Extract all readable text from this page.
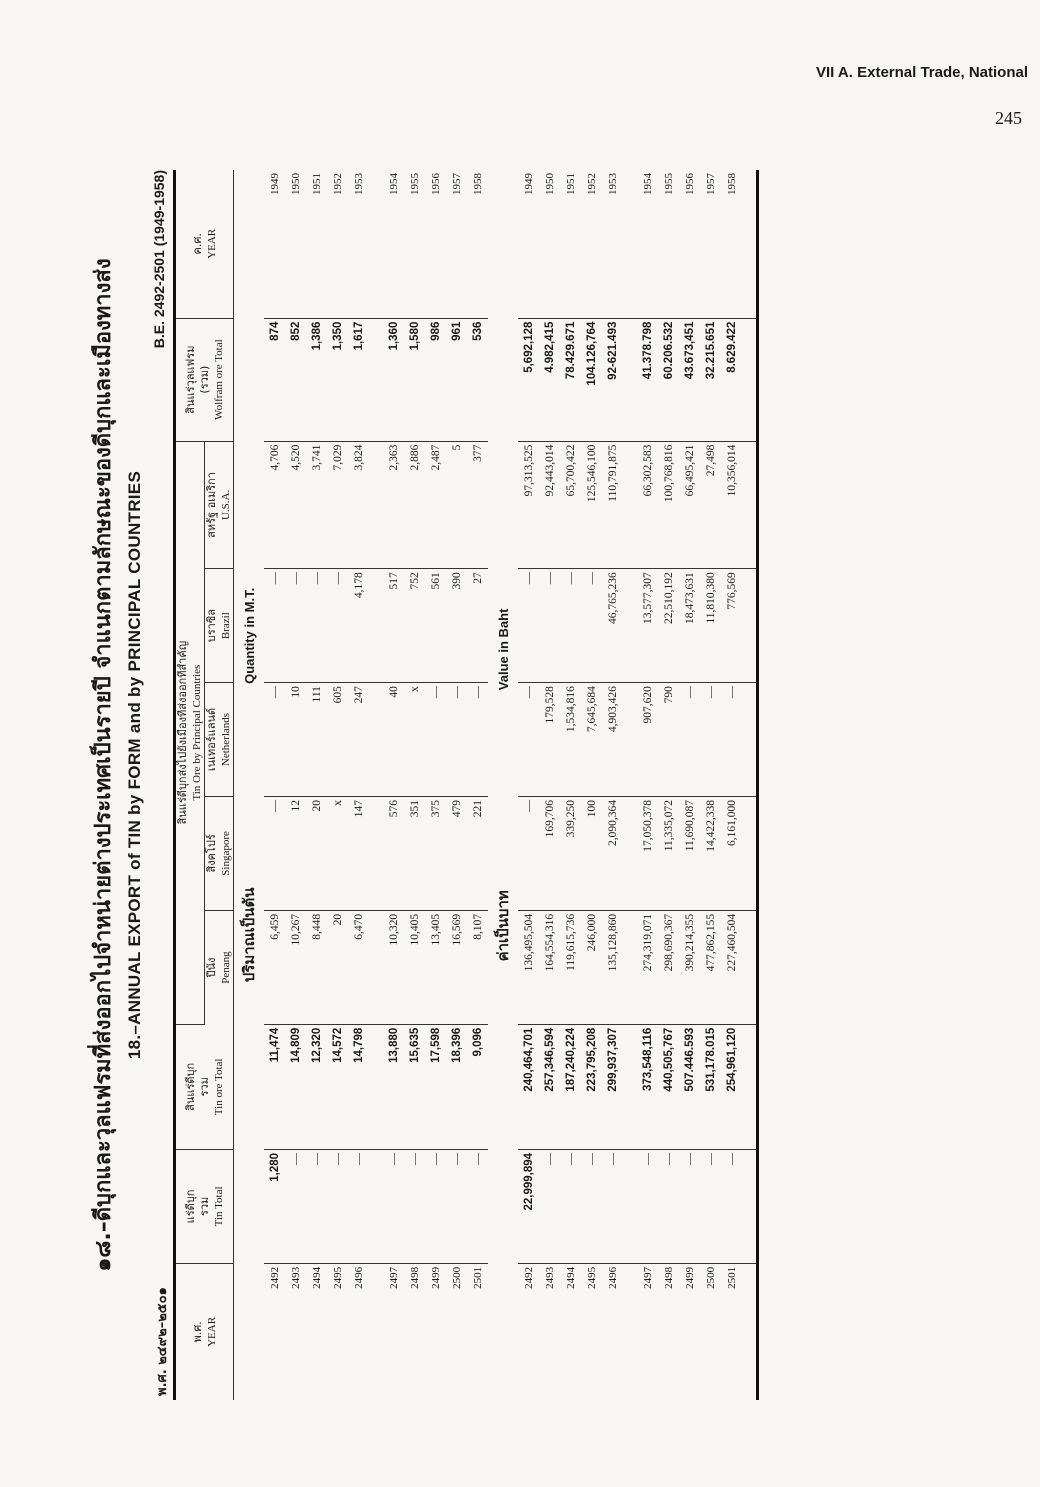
VII A. External Trade, National
245
๑๘.–ดีบุกและวุลแฟรมที่ส่งออกไปจำหน่ายต่างประเทศเป็นรายปี จำแนกตามลักษณะของดีบุกและเมืองทางส่ง 18.–ANNUAL EXPORT of TIN by FORM and by PRINCIPAL COUNTRIES
พ.ศ. ๒๔๙๒–๒๕๐๑
B.E. 2492-2501 (1949-1958)
พ.ศ. YEAR	แร่ดีบุก รวม Tin Total	สินแร่ดีบุก รวม Tin ore Total	สินแร่ดีบุกส่งไปยังเมืองที่ส่งออกที่สำคัญ Tin Ore by Principal Countries					สินแร่วุลแฟรม (รวม) Wolfram ore Total	ค.ศ. YEAR

			ปีนัง Penang	สิงคโปร์ Singapore	เนเทอร์แลนด์ Netherlands	บราซิล Brazil	สหรัฐ อเมริกา U.S.A.		

ปริมาณเป็นตัน Quantity in M.T.									
2492	1,280	11,474	6,459	—	—	—	4,706	874	1949
2493	—	14,809	10,267	12	10	—	4,520	852	1950
2494	—	12,320	8,448	20	111	—	3,741	1,386	1951
2495	—	14,572	20	x	605	—	7,029	1,350	1952
2496	—	14,798	6,470	147	247	4,178	3,824	1,617	1953

2497	—	13,880	10,320	576	40	517	2,363	1,360	1954
2498	—	15,635	10,405	351	x	752	2,886	1,580	1955
2499	—	17,598	13,405	375	—	561	2,487	986	1956
2500	—	18,396	16,569	479	—	390	5	961	1957
2501	—	9,096	8,107	221	—	27	377	536	1958
ค่าเป็นบาทValue in Baht									
2492	22,999,894	240,464,701	136,495,504	—	—	—	97,313,525	5,692,128	1949
2493	—	257,346,594	164,554,316	169,706	179,528	—	92,443,014	4.982,415	1950
2494	—	187,240,224	119,615,736	339,250	1,534,816	—	65,700,422	78.429.671	1951
2495	—	223,795,208	246,000	100	7,645,684	—	125,546,100	104.126,764	1952
2496	—	299,937,307	135,128,860	2,090,364	4,903,426	46,765,236	110,791,875	92-621.493	1953

2497	—	373,548,116	274,319,071	17,050,378	907,620	13,577,307	66,302,583	41.378.798	1954
2498	—	440,505,767	298,690,367	11,335,072	790	22,510,192	100,768,816	60.206.532	1955
2499	—	507.446.593	390,214,355	11,690,087	—	18,473,631	66,495,421	43.673,451	1956
2500	—	531,178.015	477,862,155	14,422,338	—	11,810,380	27,498	32.215.651	1957
2501	—	254,961,120	227,460,504	6,161,000	—	776,569	10,356,014	8.629.422	1958
